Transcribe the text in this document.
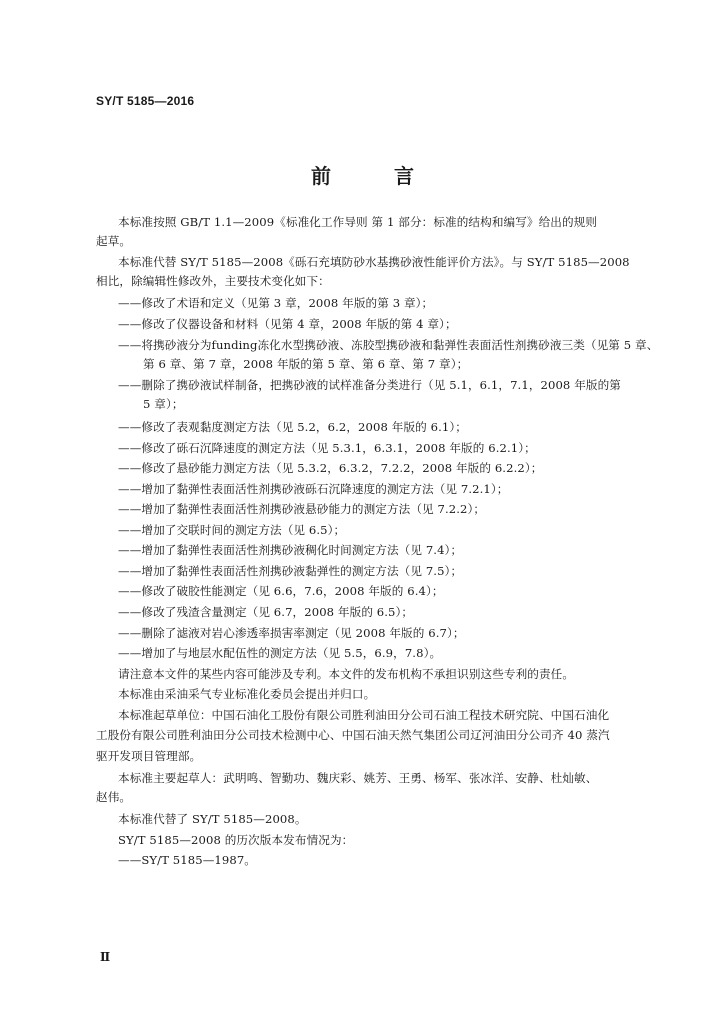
SY/T 5185—2016
前 言
本标准按照 GB/T 1.1—2009《标准化工作导则 第 1 部分：标准的结构和编写》给出的规则
起草。
本标准代替 SY/T 5185—2008《砾石充填防砂水基携砂液性能评价方法》。与 SY/T 5185—2008
相比，除编辑性修改外，主要技术变化如下：
——修改了术语和定义（见第 3 章，2008 年版的第 3 章）；
——修改了仪器设备和材料（见第 4 章，2008 年版的第 4 章）；
——将携砂液分为funding冻化水型携砂液、冻胶型携砂液和黏弹性表面活性剂携砂液三类（见第 5 章、
第 6 章、第 7 章，2008 年版的第 5 章、第 6 章、第 7 章）；
——删除了携砂液试样制备，把携砂液的试样准备分类进行（见 5.1，6.1，7.1，2008 年版的第
5 章）；
——修改了表观黏度测定方法（见 5.2，6.2，2008 年版的 6.1）；
——修改了砾石沉降速度的测定方法（见 5.3.1，6.3.1，2008 年版的 6.2.1）；
——修改了悬砂能力测定方法（见 5.3.2，6.3.2，7.2.2，2008 年版的 6.2.2）；
——增加了黏弹性表面活性剂携砂液砾石沉降速度的测定方法（见 7.2.1）；
——增加了黏弹性表面活性剂携砂液悬砂能力的测定方法（见 7.2.2）；
——增加了交联时间的测定方法（见 6.5）；
——增加了黏弹性表面活性剂携砂液稠化时间测定方法（见 7.4）；
——增加了黏弹性表面活性剂携砂液黏弹性的测定方法（见 7.5）；
——修改了破胶性能测定（见 6.6，7.6，2008 年版的 6.4）；
——修改了残渣含量测定（见 6.7，2008 年版的 6.5）；
——删除了滤液对岩心渗透率损害率测定（见 2008 年版的 6.7）；
——增加了与地层水配伍性的测定方法（见 5.5，6.9，7.8）。
请注意本文件的某些内容可能涉及专利。本文件的发布机构不承担识别这些专利的责任。
本标准由采油采气专业标准化委员会提出并归口。
本标准起草单位：中国石油化工股份有限公司胜利油田分公司石油工程技术研究院、中国石油化
工股份有限公司胜利油田分公司技术检测中心、中国石油天然气集团公司辽河油田分公司齐 40 蒸汽
驱开发项目管理部。
本标准主要起草人：武明鸣、智勤功、魏庆彩、姚芳、王勇、杨军、张冰洋、安静、杜灿敏、
赵伟。
本标准代替了 SY/T 5185—2008。
SY/T 5185—2008 的历次版本发布情况为：
——SY/T 5185—1987。
Ⅱ
